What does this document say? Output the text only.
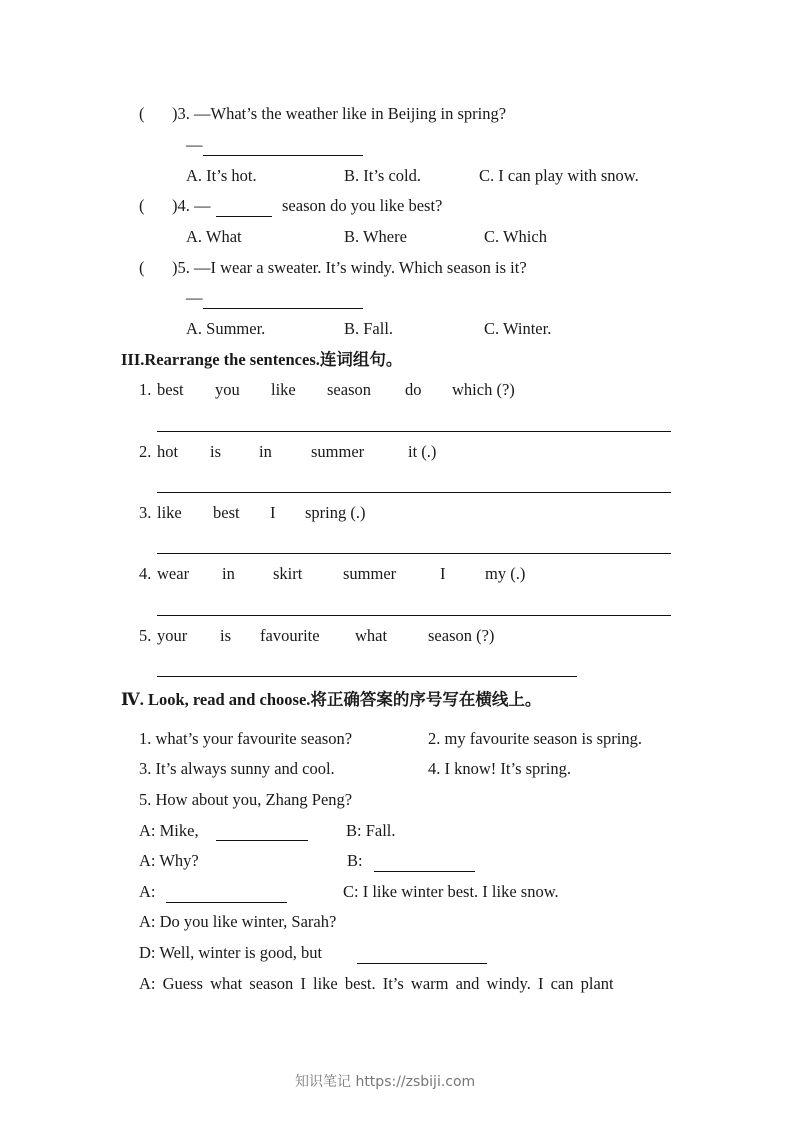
( )3. —What’s the weather like in Beijing in spring?
—
A. It’s hot.	B. It’s cold.	C. I can play with snow.
( )4. —	season do you like best?
A. What	B. Where	C. Which
( )5. —I wear a sweater. It’s windy. Which season is it?
—
A. Summer.	B. Fall.	C. Winter.
III.Rearrange the sentences.连词组句。
1. best you like season do which (?)
2. hot is in summer	it (.)
3. like best I spring (.)
4. wear in skirt summer	I my (.)
5. your is favourite what season (?)
Ⅳ. Look, read and choose.将正确答案的序号写在横线上。
1. what’s your favourite season?	2. my favourite season is spring.
3. It’s always sunny and cool.	4. I know! It’s spring.
5. How about you, Zhang Peng?
A: Mike,	B: Fall.
A: Why?	B:
A:	C: I like winter best. I like snow.
A: Do you like winter, Sarah?
D: Well, winter is good, but
A: Guess what season I like best. It’s warm and windy. I can plant
知识笔记 https://zsbiji.com
